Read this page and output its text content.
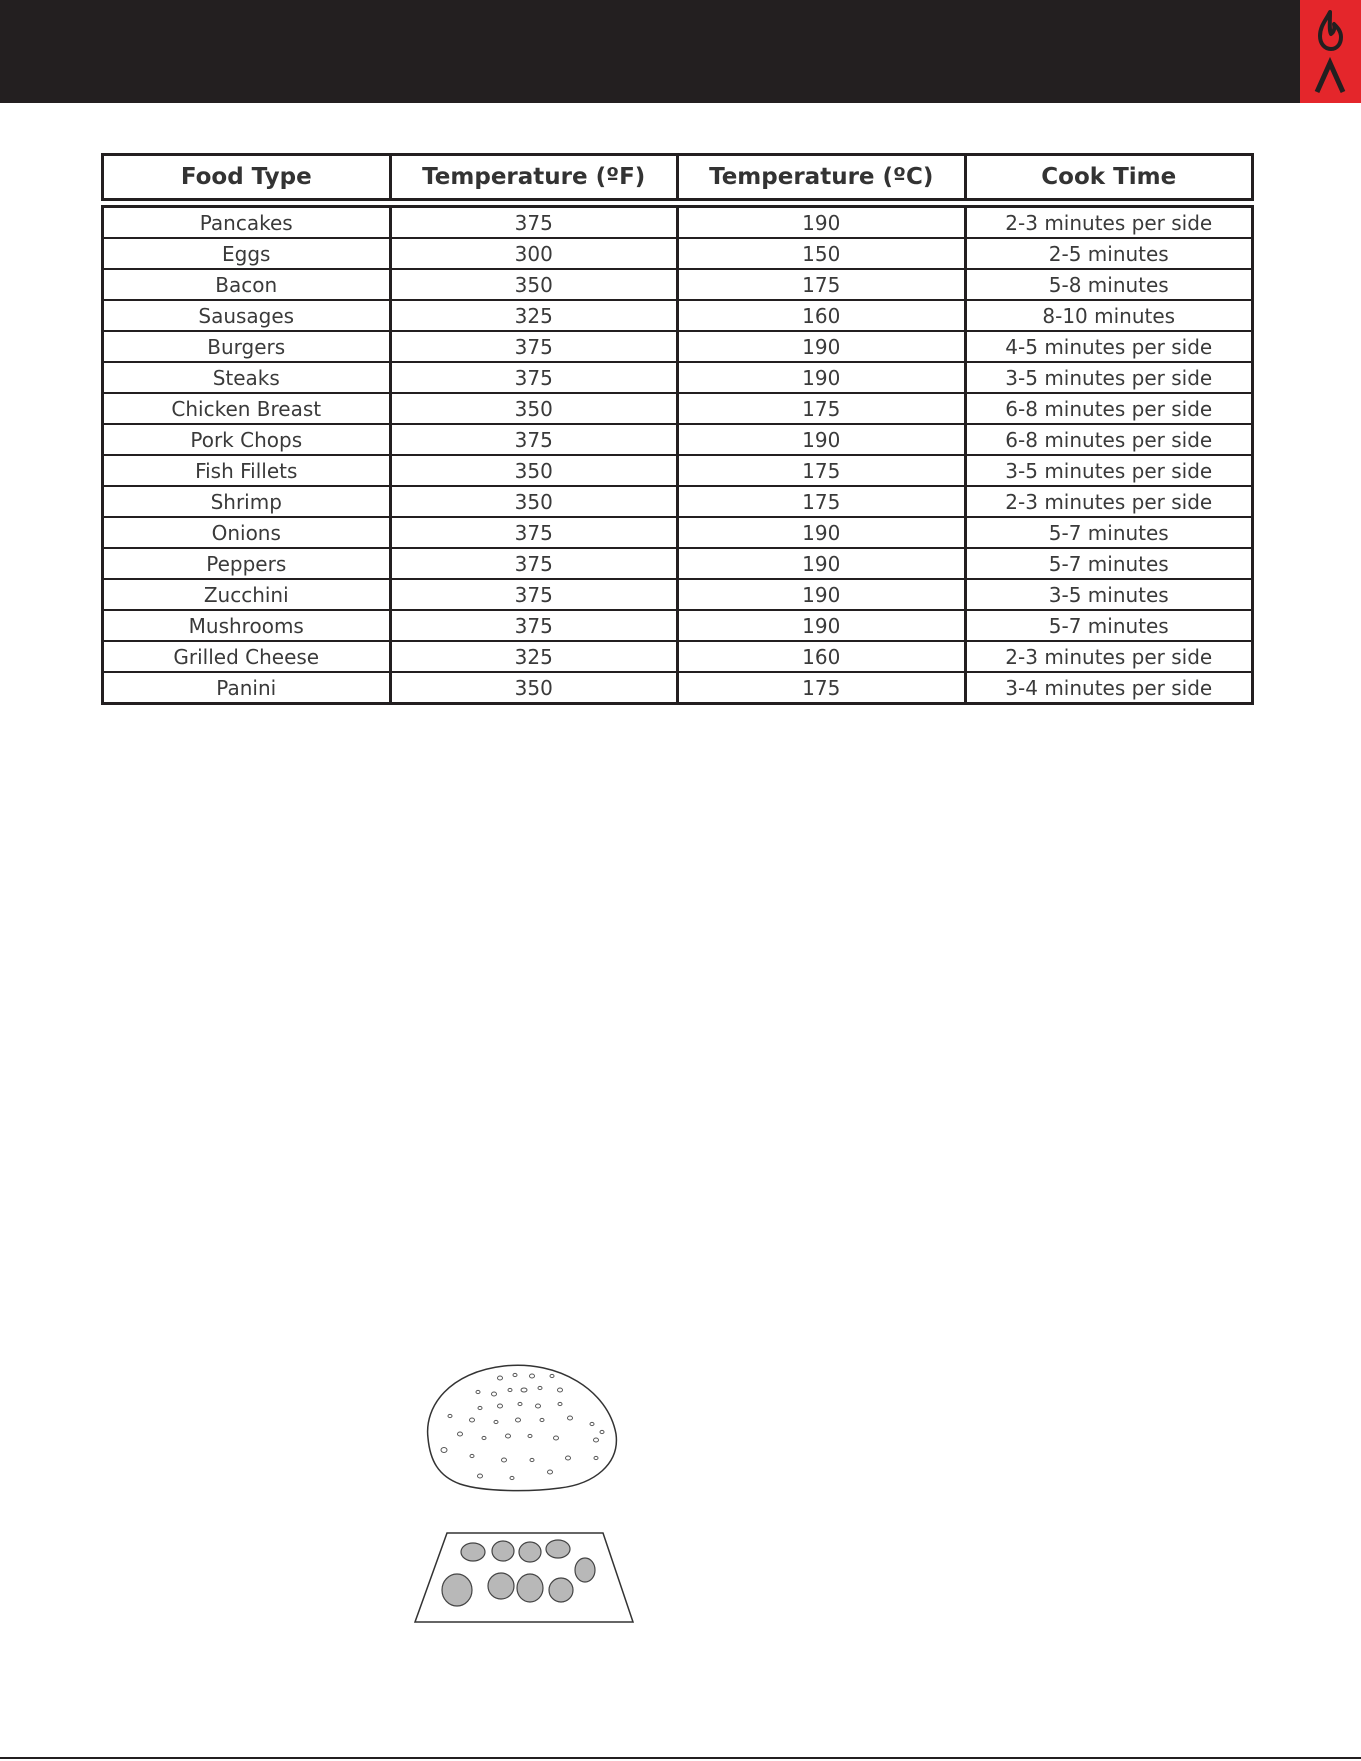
Food Type	Temperature (ºF)	Temperature (ºC)	Cook Time
Pancakes	375	190	2-3 minutes per side
Eggs	300	150	2-5 minutes
Bacon	350	175	5-8 minutes
Sausages	325	160	8-10 minutes
Burgers	375	190	4-5 minutes per side
Steaks	375	190	3-5 minutes per side
Chicken Breast	350	175	6-8 minutes per side
Pork Chops	375	190	6-8 minutes per side
Fish Fillets	350	175	3-5 minutes per side
Shrimp	350	175	2-3 minutes per side
Onions	375	190	5-7 minutes
Peppers	375	190	5-7 minutes
Zucchini	375	190	3-5 minutes
Mushrooms	375	190	5-7 minutes
Grilled Cheese	325	160	2-3 minutes per side
Panini	350	175	3-4 minutes per side
